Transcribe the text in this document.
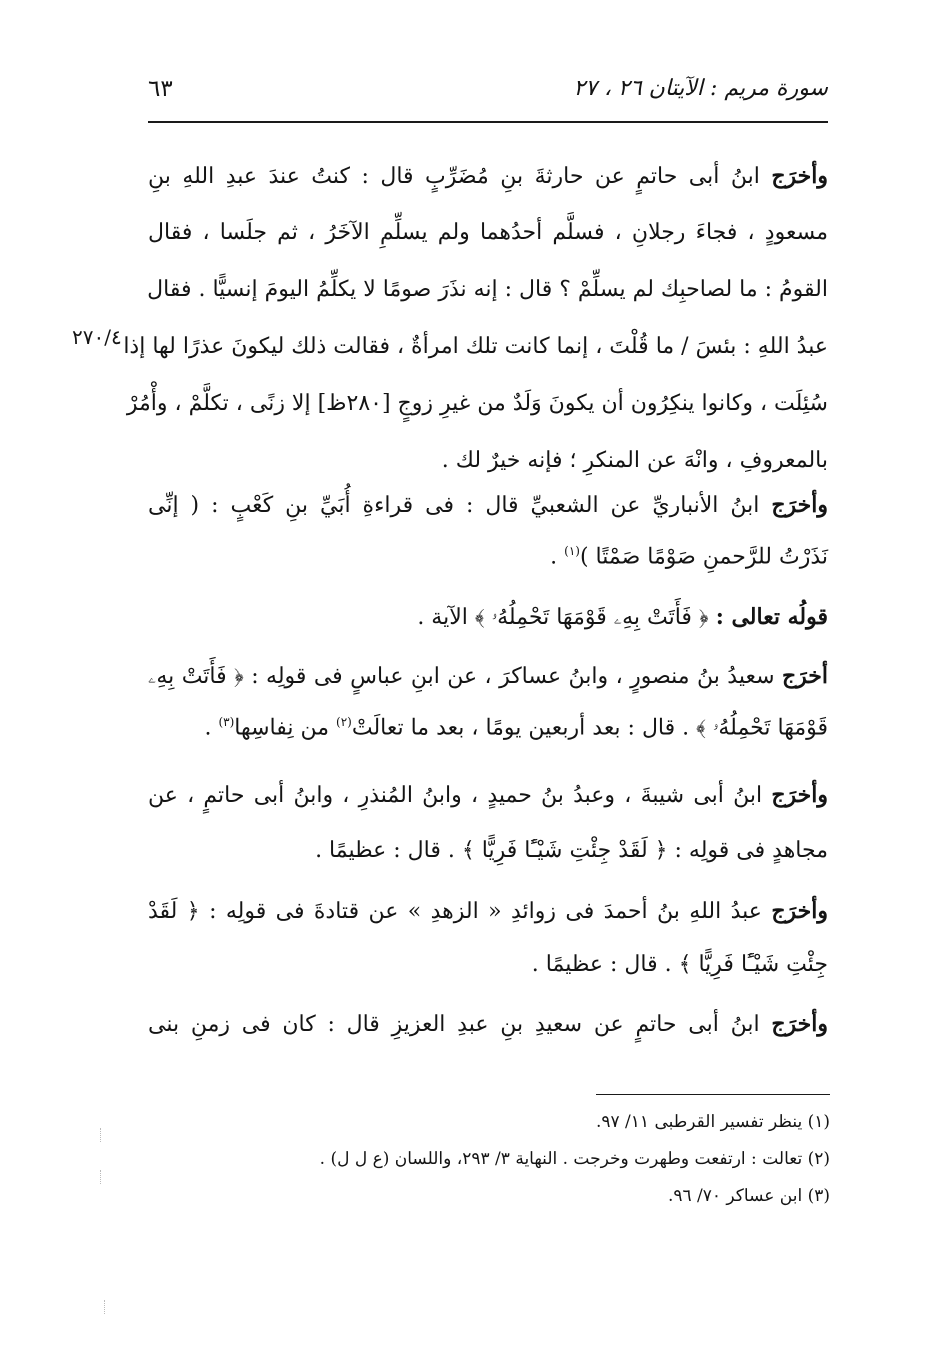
سورة مريم : الآيتان ٢٦ ، ٢٧
٦٣
٢٧٠/٤
وأخرَج ابنُ أبى حاتمٍ عن حارثةَ بنِ مُضَرِّبٍ قال : كنتُ عندَ عبدِ اللهِ بنِ
مسعودٍ ، فجاءَ رجلانِ ، فسلَّم أحدُهما ولم يسلِّمِ الآخَرُ ، ثم جلَسا ، فقال
القومُ : ما لصاحبِك لم يسلِّمْ ؟ قال : إنه نذَرَ صومًا لا يكلِّمُ اليومَ إنسيًّا . فقال
عبدُ اللهِ : بئسَ / ما قُلْتَ ، إنما كانت تلك امرأةٌ ، فقالت ذلك ليكونَ عذرًا لها إذا
سُئِلَت ، وكانوا ينكِرُون أن يكونَ وَلَدٌ من غيرِ زوجٍ [٢٨٠ظ] إلا زنًى ، تكلَّمْ ، وأْمُرْ
بالمعروفِ ، وانْهَ عن المنكرِ ؛ فإنه خيرٌ لك .
وأخرَج ابنُ الأنباريِّ عن الشعبيِّ قال : فى قراءةِ أُبَيِّ بنِ كَعْبٍ : ( إنِّى
نَذَرْتُ للرَّحمنِ صَوْمًا صَمْتًا )$^{(١)}$ .
قولُه تعالى : ﴿ فَأَتَتْ بِهِۦ قَوْمَهَا تَحْمِلُهُۥ ﴾ الآية .
أخرَج سعيدُ بنُ منصورٍ ، وابنُ عساكرَ ، عن ابنِ عباسٍ فى قولِه : ﴿ فَأَتَتْ بِهِۦ
قَوْمَهَا تَحْمِلُهُۥ ﴾ . قال : بعد أربعين يومًا ، بعد ما تعالَتْ$^{(٢)}$ من نِفاسِها$^{(٣)}$ .
وأخرَج ابنُ أبى شيبةَ ، وعبدُ بنُ حميدٍ ، وابنُ المُنذرِ ، وابنُ أبى حاتمٍ ، عن
مجاهدٍ فى قولِه : ﴿ لَقَدْ جِئْتِ شَيْـًٔا فَرِيًّا ﴾ . قال : عظيمًا .
وأخرَج عبدُ اللهِ بنُ أحمدَ فى زوائدِ « الزهدِ » عن قتادةَ فى قولِه : ﴿ لَقَدْ
جِئْتِ شَيْـًٔا فَرِيًّا ﴾ . قال : عظيمًا .
وأخرَج ابنُ أبى حاتمٍ عن سعيدِ بنِ عبدِ العزيزِ قال : كان فى زمنِ بنى
(١) ينظر تفسير القرطبى ١١/ ٩٧.
(٢) تعالت : ارتفعت وطهرت وخرجت . النهاية ٣/ ٢٩٣، واللسان (ع ل ل) .
(٣) ابن عساكر ٧٠/ ٩٦.
